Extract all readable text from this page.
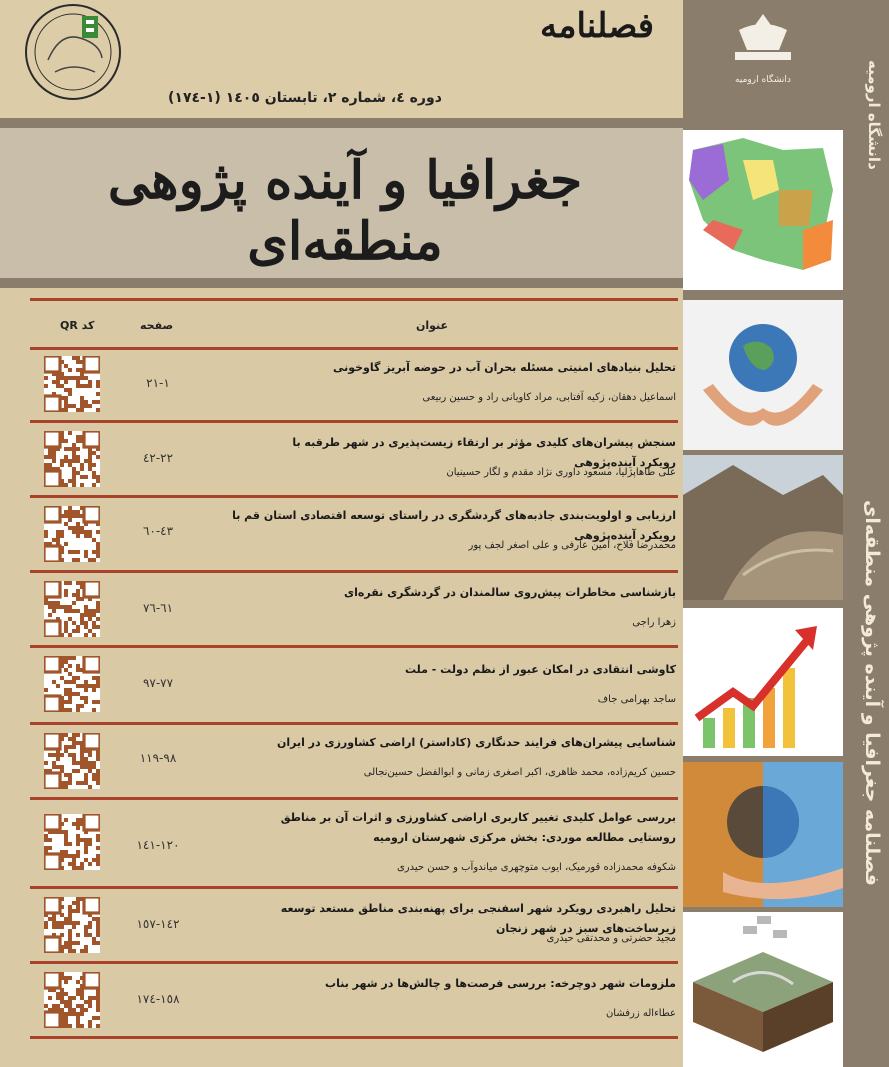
فصلنامه
دوره ٤، شماره ٢، تابستان ١٤٠٥ (١-١٧٤)
جغرافیا و آینده پژوهی منطقه‌ای
عنوان
صفحه
کد QR
١-٢١
تحلیل بنیادهای امنیتی مسئله بحران آب در حوضه آبریز گاوخونی
اسماعیل دهقان، زکیه آفتابی، مراد کاویانی راد و حسین ربیعی
٢٢-٤٢
سنجش پیشران‌های کلیدی مؤثر بر ارتقاء زیست‌پذیری در شهر طرقبه با رویکرد آینده‌پژوهی
علی طاهاپژلیا، مسعود داوری نژاد مقدم و لگار حسینیان
٤٣-٦٠
ارزیابی و اولویت‌بندی جاذبه‌های گردشگری در راستای توسعه اقتصادی استان قم با رویکرد آینده‌پژوهی
محمدرضا فلاح، امین عارفی و علی اصغر لجف پور
٦١-٧٦
بازشناسی مخاطرات پیش‌روی سالمندان در گردشگری نقره‌ای
زهرا راجی
٧٧-٩٧
کاوشی انتقادی در امکان عبور از نظم دولت - ملت
ساجد بهرامی جاف
٩٨-١١٩
شناسایی پیشران‌های فرایند حدنگاری (کاداستر) اراضی کشاورزی در ایران
حسین کریم‌زاده، محمد ظاهری، اکبر اصغری زمانی و ابوالفضل حسین‌نجالی
١٢٠-١٤١
بررسی عوامل کلیدی تغییر کاربری اراضی کشاورزی و اثرات آن بر مناطق روستایی مطالعه موردی: بخش مرکزی شهرستان ارومیه
شکوفه محمدزاده قورمیک، ایوب متوچهری میاندوآب و حسن حیدری
١٤٢-١٥٧
تحلیل راهبردی رویکرد شهر اسفنجی برای پهنه‌بندی مناطق مستعد توسعه زیرساخت‌های سبز در شهر زنجان
مجید حضرتی و محدتقی حیدری
١٥٨-١٧٤
ملزومات شهر دوچرخه: بررسی فرصت‌ها و چالش‌ها در شهر بناب
عطاءاله زرفشان
دانشگاه ارومیه	دانشگاه ارومیه
فصلنامه جغرافیا و آینده پژوهی منطقه‌ای
